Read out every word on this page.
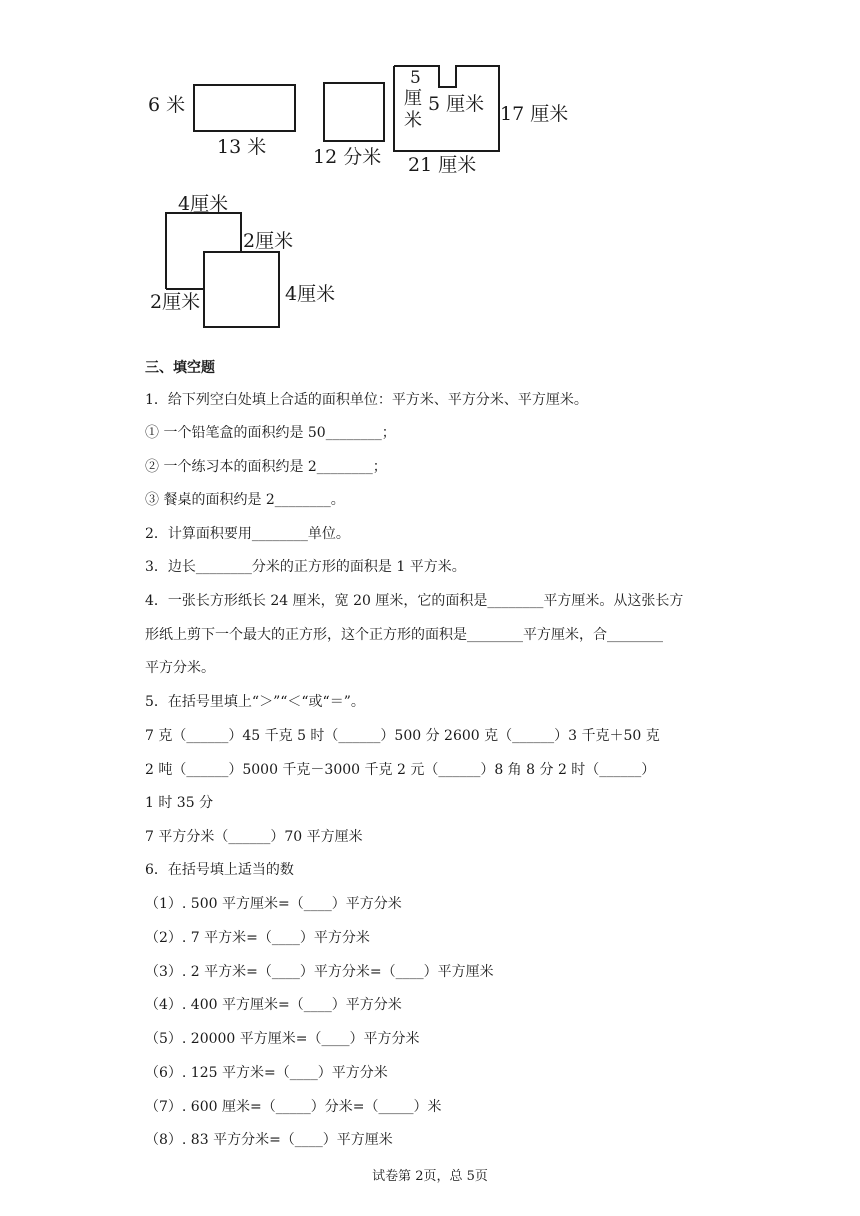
6 米
13 米 12 分米
5
厘
米
5 厘米 17 厘米
21 厘米
4厘米
2厘米
2厘米	4厘米
三、填空题
1．给下列空白处填上合适的面积单位：平方米、平方分米、平方厘米。
① 一个铅笔盒的面积约是 50________；
② 一个练习本的面积约是 2________；
③ 餐桌的面积约是 2________。
2．计算面积要用________单位。
3．边长________分米的正方形的面积是 1 平方米。
4．一张长方形纸长 24 厘米，宽 20 厘米，它的面积是________平方厘米。从这张长方
形纸上剪下一个最大的正方形，这个正方形的面积是________平方厘米，合________
平方分米。
5．在括号里填上“＞”“＜“或“＝”。
7 克（______）45 千克 5 时（______）500 分 2600 克（______）3 千克＋50 克
2 吨（______）5000 千克－3000 千克 2 元（______）8 角 8 分 2 时（______）
1 时 35 分
7 平方分米（______）70 平方厘米
6．在括号填上适当的数
（1）. 500 平方厘米=（____）平方分米
（2）. 7 平方米=（____）平方分米
（3）. 2 平方米=（____）平方分米=（____）平方厘米
（4）. 400 平方厘米=（____）平方分米
（5）. 20000 平方厘米=（____）平方分米
（6）. 125 平方米=（____）平方分米
（7）. 600 厘米=（_____）分米=（_____）米
（8）. 83 平方分米=（____）平方厘米
试卷第 2页，总 5页
